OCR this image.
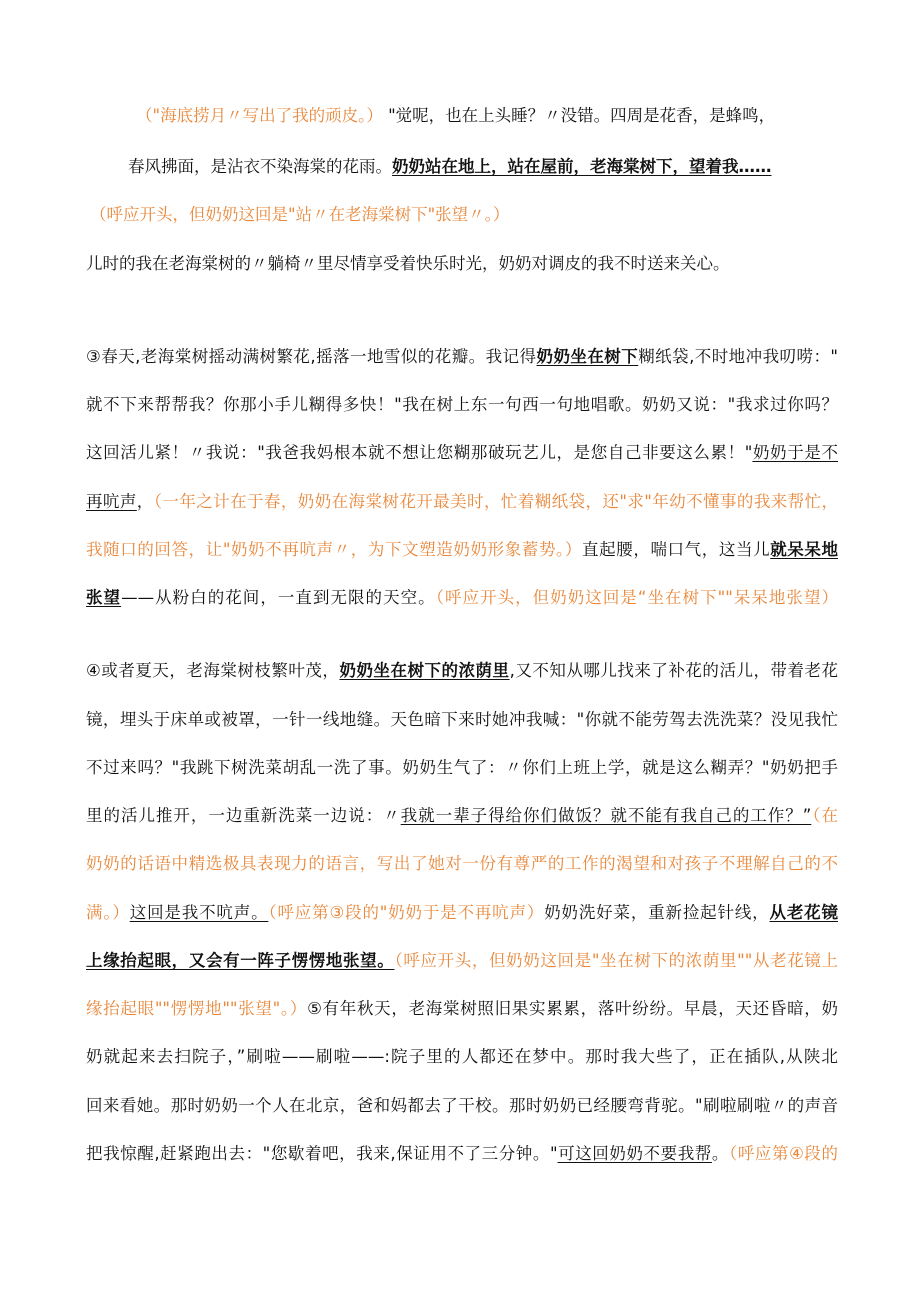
（"海底捞月〃写出了我的顽皮。） "觉呢，也在上头睡？〃没错。四周是花香，是蜂鸣，
春风拂面，是沾衣不染海棠的花雨。奶奶站在地上，站在屋前，老海棠树下，望着我……
（呼应开头，但奶奶这回是"站〃在老海棠树下"张望〃。）
儿时的我在老海棠树的〃躺椅〃里尽情享受着快乐时光，奶奶对调皮的我不时送来关心。
③春天,老海棠树摇动满树繁花,摇落一地雪似的花瓣。我记得奶奶坐在树下糊纸袋,不时地冲我叨唠："
就不下来帮帮我？你那小手儿糊得多快！"我在树上东一句西一句地唱歌。奶奶又说："我求过你吗？
这回活儿紧！〃我说："我爸我妈根本就不想让您糊那破玩艺儿，是您自己非要这么累！"奶奶于是不
再吭声，（一年之计在于春，奶奶在海棠树花开最美时，忙着糊纸袋，还"求"年幼不懂事的我来帮忙，
我随口的回答，让"奶奶不再吭声〃，为下文塑造奶奶形象蓄势。）直起腰，喘口气，这当儿就呆呆地
张望——从粉白的花间，一直到无限的天空。（呼应开头，但奶奶这回是“坐在树下""呆呆地张望）
④或者夏天，老海棠树枝繁叶茂，奶奶坐在树下的浓荫里,又不知从哪儿找来了补花的活儿，带着老花
镜，埋头于床单或被罩，一针一线地缝。天色暗下来时她冲我喊："你就不能劳驾去洗洗菜？没见我忙
不过来吗？"我跳下树洗菜胡乱一洗了事。奶奶生气了：〃你们上班上学，就是这么糊弄？"奶奶把手
里的活儿推开，一边重新洗菜一边说：〃我就一辈子得给你们做饭？就不能有我自己的工作？”（在
奶奶的话语中精选极具表现力的语言，写出了她对一份有尊严的工作的渴望和对孩子不理解自己的不
满。）这回是我不吭声。（呼应第③段的"奶奶于是不再吭声）奶奶洗好菜，重新捡起针线，从老花镜
上缘抬起眼，又会有一阵子愣愣地张望。（呼应开头，但奶奶这回是"坐在树下的浓荫里""从老花镜上
缘抬起眼""愣愣地""张望"。）⑤有年秋天，老海棠树照旧果实累累，落叶纷纷。早晨，天还昏暗，奶
奶就起来去扫院子，”刷啦——刷啦——:院子里的人都还在梦中。那时我大些了，正在插队,从陕北
回来看她。那时奶奶一个人在北京，爸和妈都去了干校。那时奶奶已经腰弯背驼。"刷啦刷啦〃的声音
把我惊醒,赶紧跑出去："您歇着吧，我来,保证用不了三分钟。"可这回奶奶不要我帮。（呼应第④段的
